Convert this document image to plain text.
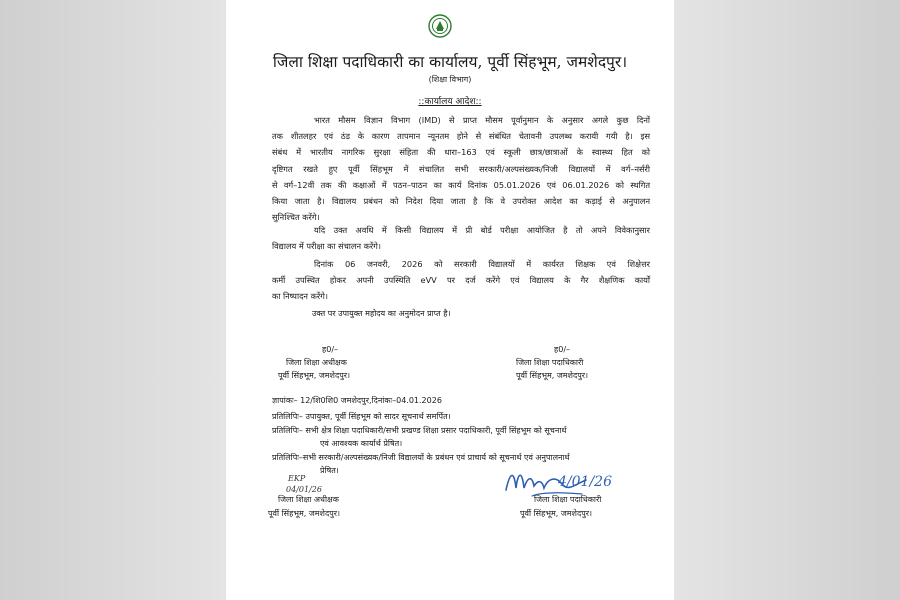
जिला शिक्षा पदाधिकारी का कार्यालय, पूर्वी सिंहभूम, जमशेदपुर।
(शिक्षा विभाग)
::कार्यालय आदेश::
भारत मौसम विज्ञान विभाग (IMD) से प्राप्त मौसम पूर्वानुमान के अनुसार अगले कुछ दिनों
तक शीतलहर एवं ठंड के कारण तापमान न्यूनतम होने से संबंधित चेतावनी उपलब्ध करायी गयी है। इस
संबंध में भारतीय नागरिक सुरक्षा संहिता की धारा–163 एवं स्कूली छात्र/छात्राओं के स्वास्थ्य हित को
दृष्टिगत रखते हुए पूर्वी सिंहभूम में संचालित सभी सरकारी/अल्पसंख्यक/निजी विद्यालयों में वर्ग–नर्सरी
से वर्ग–12वीं तक की कक्षाओं में पठन–पाठन का कार्य दिनांक 05.01.2026 एवं 06.01.2026 को स्थगित
किया जाता है। विद्यालय प्रबंधन को निदेश दिया जाता है कि वे उपरोक्त आदेश का कड़ाई से अनुपालन
सुनिश्चित करेंगे।
यदि उक्त अवधि में किसी विद्यालय में प्री बोर्ड परीक्षा आयोजित है तो अपने विवेकानुसार
विद्यालय में परीक्षा का संचालन करेंगे।
दिनांक 06 जनवरी, 2026 को सरकारी विद्यालयों में कार्यरत शिक्षक एवं शिक्षेत्तर
कर्मी उपस्थित होकर अपनी उपस्थिति eVV पर दर्ज करेंगे एवं विद्यालय के गैर शैक्षणिक कार्यों
का निष्पादन करेंगे।
उक्त पर उपायुक्त महोदय का अनुमोदन प्राप्त है।
ह0/–
जिला शिक्षा अधीक्षक
पूर्वी सिंहभूम, जमशेदपुर।
ह0/–
जिला शिक्षा पदाधिकारी
पूर्वी सिंहभूम, जमशेदपुर।
ज्ञापांकः– 12/शि0शि0 जमशेदपुर,दिनांकः–04.01.2026
प्रतिलिपिः– उपायुक्त, पूर्वी सिंहभूम को सादर सूचनार्थ समर्पित।
प्रतिलिपिः– सभी क्षेत्र शिक्षा पदाधिकारी/सभी प्रखण्ड शिक्षा प्रसार पदाधिकारी, पूर्वी सिंहभूम को सूचनार्थ
एवं आवश्यक कार्यार्थ प्रेषित।
प्रतिलिपिः–सभी सरकारी/अल्पसंख्यक/निजी विद्यालयों के प्रबंधन एवं प्राचार्य को सूचनार्थ एवं अनुपालनार्थ
प्रेषित।
EKP
04/01/26
जिला शिक्षा अधीक्षक
पूर्वी सिंहभूम, जमशेदपुर।
4/01/26
जिला शिक्षा पदाधिकारी
पूर्वी सिंहभूम, जमशेदपुर।
